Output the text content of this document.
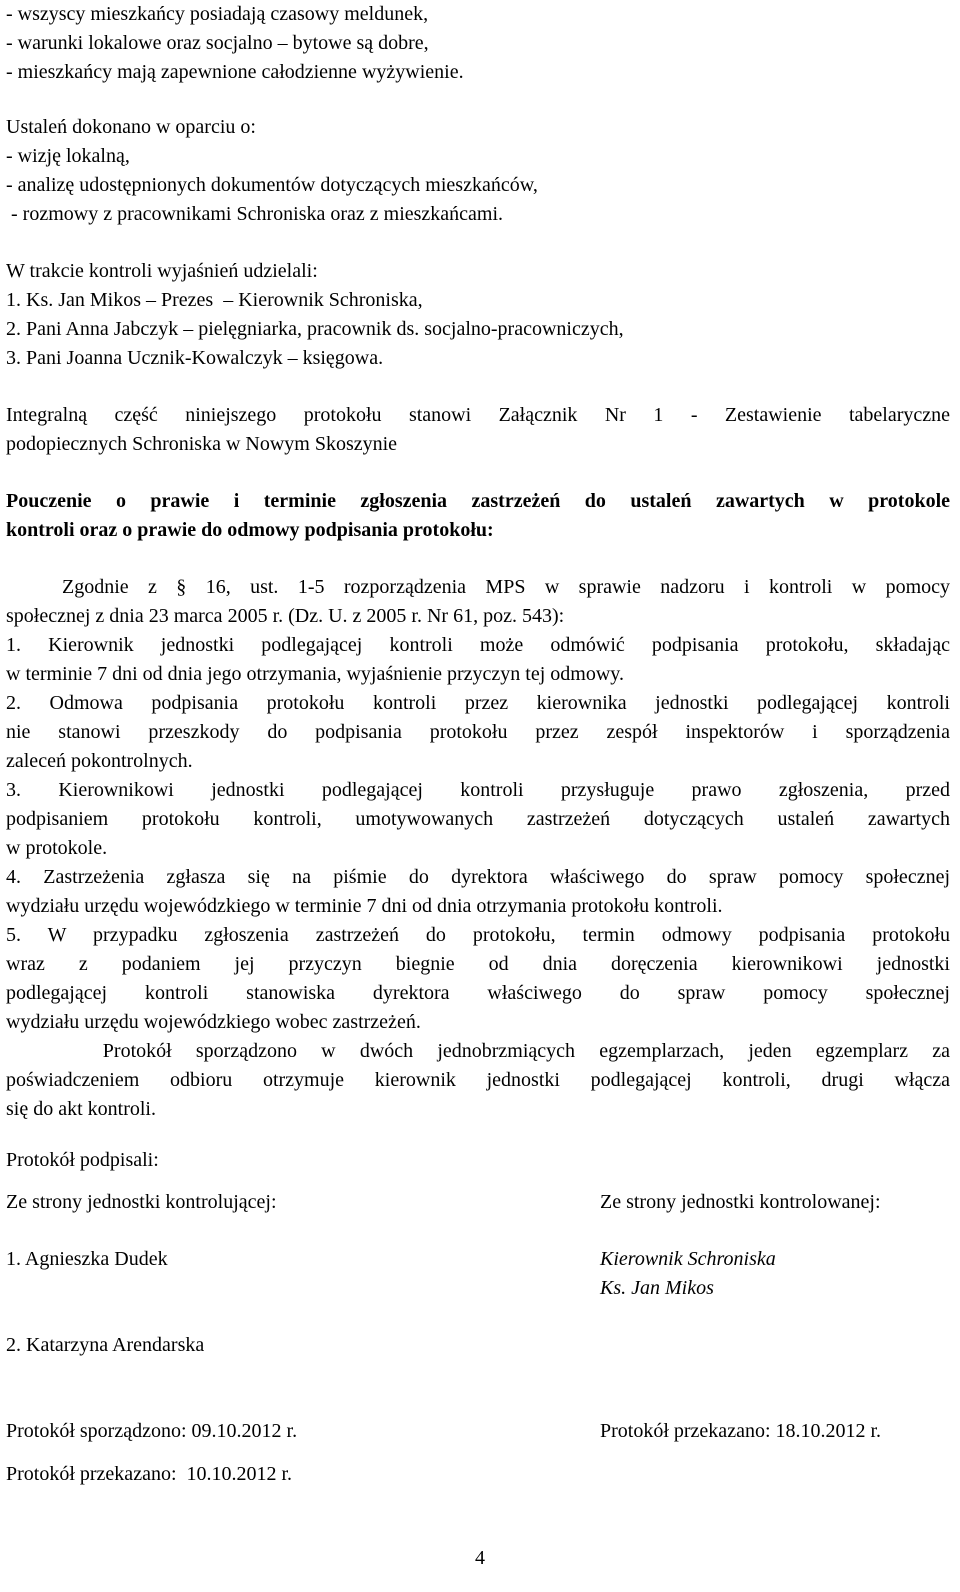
- wszyscy mieszkańcy posiadają czasowy meldunek,
- warunki lokalowe oraz socjalno – bytowe są dobre,
- mieszkańcy mają zapewnione całodzienne wyżywienie.
Ustaleń dokonano w oparciu o:
- wizję lokalną,
- analizę udostępnionych dokumentów dotyczących mieszkańców,
- rozmowy z pracownikami Schroniska oraz z mieszkańcami.
W trakcie kontroli wyjaśnień udzielali:
1. Ks. Jan Mikos – Prezes  – Kierownik Schroniska,
2. Pani Anna Jabczyk – pielęgniarka, pracownik ds. socjalno-pracowniczych,
3. Pani Joanna Ucznik-Kowalczyk – księgowa.
Integralną część niniejszego protokołu stanowi Załącznik Nr 1 - Zestawienie tabelaryczne
podopiecznych Schroniska w Nowym Skoszynie
Pouczenie o prawie i terminie zgłoszenia zastrzeżeń do ustaleń zawartych w protokole
kontroli oraz o prawie do odmowy podpisania protokołu:
Zgodnie z § 16, ust. 1-5 rozporządzenia MPS w sprawie nadzoru i kontroli w pomocy
społecznej z dnia 23 marca 2005 r. (Dz. U. z 2005 r. Nr 61, poz. 543):
1. Kierownik jednostki podlegającej kontroli może odmówić podpisania protokołu, składając
w terminie 7 dni od dnia jego otrzymania, wyjaśnienie przyczyn tej odmowy.
2. Odmowa podpisania protokołu kontroli przez kierownika jednostki podlegającej kontroli
nie stanowi przeszkody do podpisania protokołu przez zespół inspektorów i sporządzenia
zaleceń pokontrolnych.
3. Kierownikowi jednostki podlegającej kontroli przysługuje prawo zgłoszenia, przed
podpisaniem protokołu kontroli, umotywowanych zastrzeżeń dotyczących ustaleń zawartych
w protokole.
4. Zastrzeżenia zgłasza się na piśmie do dyrektora właściwego do spraw pomocy społecznej
wydziału urzędu wojewódzkiego w terminie 7 dni od dnia otrzymania protokołu kontroli.
5. W przypadku zgłoszenia zastrzeżeń do protokołu, termin odmowy podpisania protokołu
wraz z podaniem jej przyczyn biegnie od dnia doręczenia kierownikowi jednostki
podlegającej kontroli stanowiska dyrektora właściwego do spraw pomocy społecznej
wydziału urzędu wojewódzkiego wobec zastrzeżeń.
Protokół sporządzono w dwóch jednobrzmiących egzemplarzach, jeden egzemplarz za
poświadczeniem odbioru otrzymuje kierownik jednostki podlegającej kontroli, drugi włącza
się do akt kontroli.
Protokół podpisali:
Ze strony jednostki kontrolującej:	Ze strony jednostki kontrolowanej:
1. Agnieszka Dudek	Kierownik Schroniska
Ks. Jan Mikos
2. Katarzyna Arendarska
Protokół sporządzono: 09.10.2012 r.	Protokół przekazano: 18.10.2012 r.
Protokół przekazano:  10.10.2012 r.
4
